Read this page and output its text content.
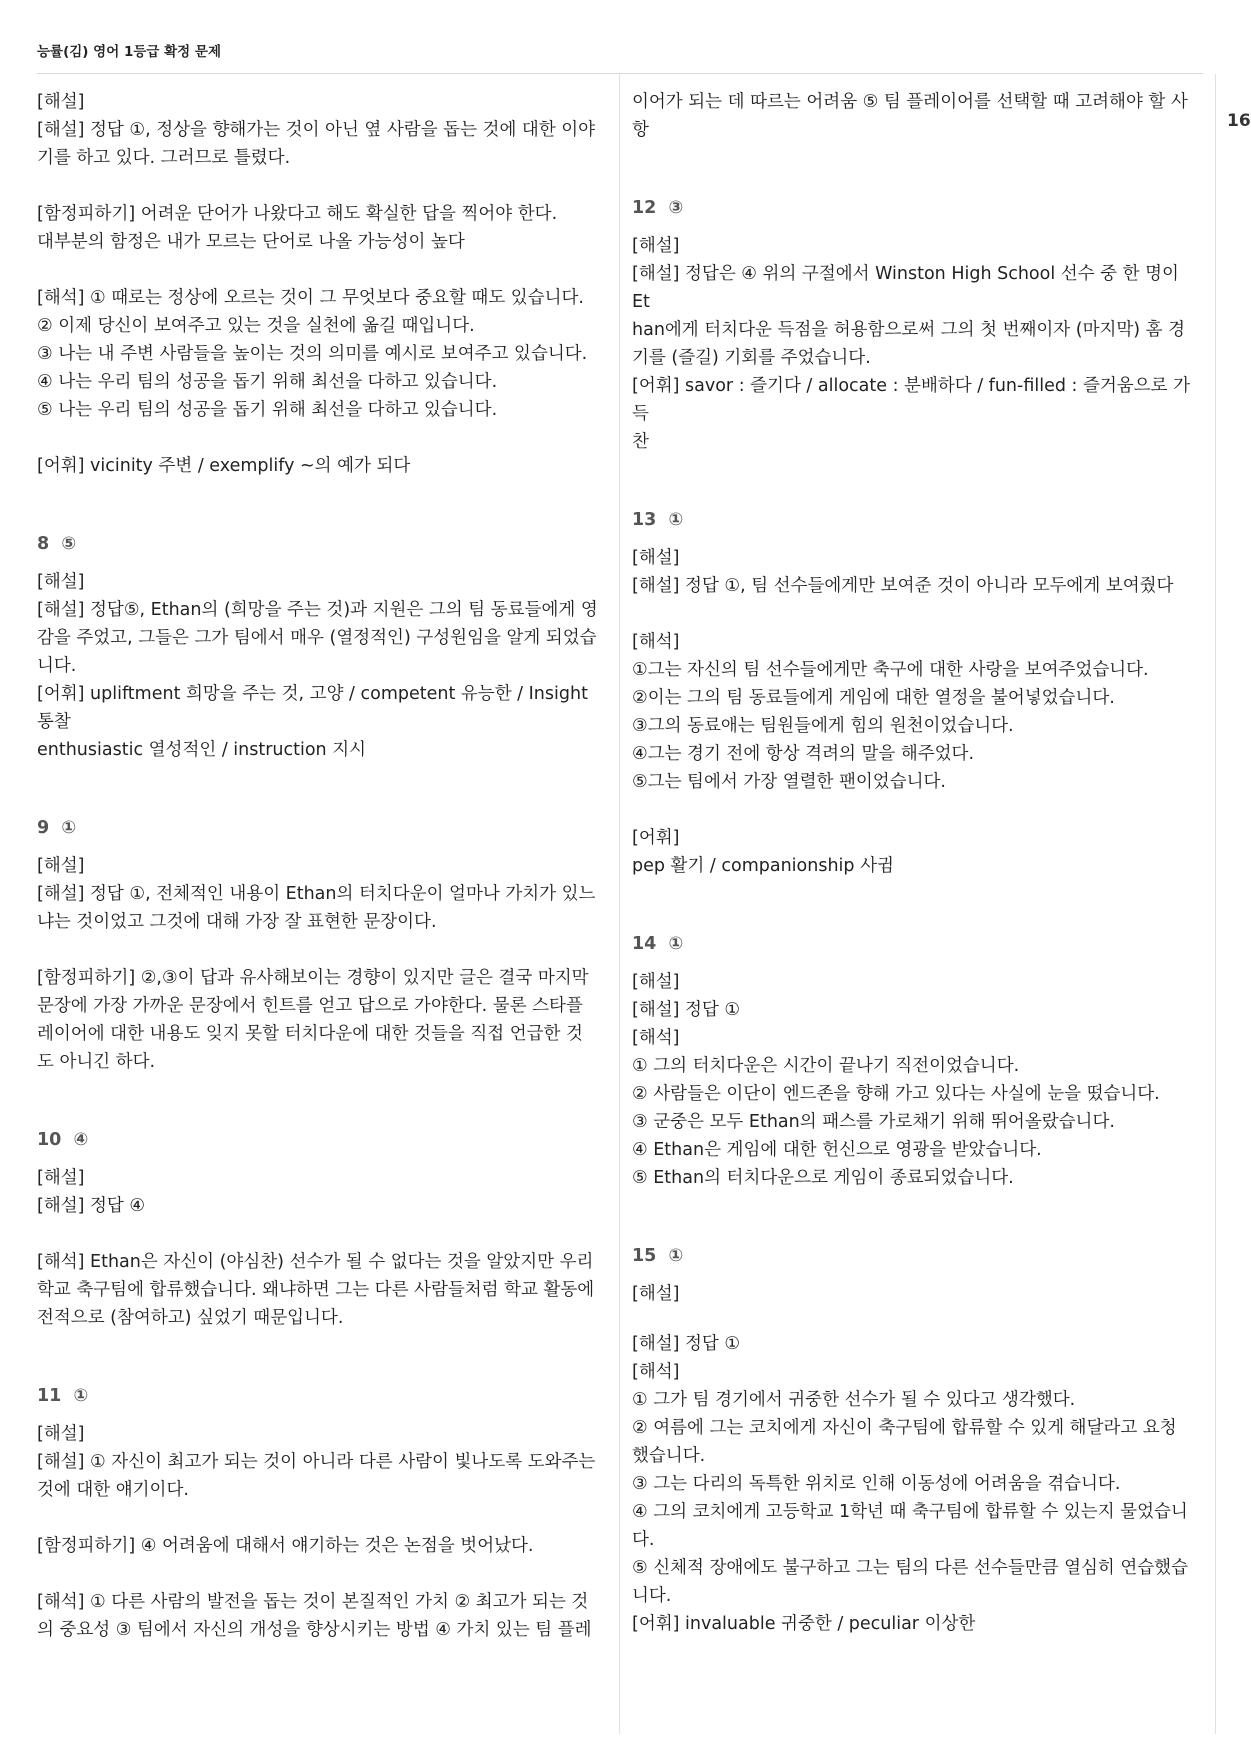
능률(김) 영어 1등급 확정 문제
16
[해설]
[해설] 정답 ①, 정상을 향해가는 것이 아닌 옆 사람을 돕는 것에 대한 이야
기를 하고 있다. 그러므로 틀렸다.
[함정피하기] 어려운 단어가 나왔다고 해도 확실한 답을 찍어야 한다.
대부분의 함정은 내가 모르는 단어로 나올 가능성이 높다
[해석] ① 때로는 정상에 오르는 것이 그 무엇보다 중요할 때도 있습니다.
② 이제 당신이 보여주고 있는 것을 실천에 옮길 때입니다.
③ 나는 내 주변 사람들을 높이는 것의 의미를 예시로 보여주고 있습니다.
④ 나는 우리 팀의 성공을 돕기 위해 최선을 다하고 있습니다.
⑤ 나는 우리 팀의 성공을 돕기 위해 최선을 다하고 있습니다.
[어휘] vicinity 주변 / exemplify ~의 예가 되다
8  ⑤
[해설]
[해설] 정답⑤, Ethan의 (희망을 주는 것)과 지원은 그의 팀 동료들에게 영
감을 주었고, 그들은 그가 팀에서 매우 (열정적인) 구성원임을 알게 되었습
니다.
[어휘] upliftment 희망을 주는 것, 고양 / competent 유능한 / Insight 통찰
enthusiastic 열성적인 / instruction 지시
9  ①
[해설]
[해설] 정답 ①, 전체적인 내용이 Ethan의 터치다운이 얼마나 가치가 있느
냐는 것이었고 그것에 대해 가장 잘 표현한 문장이다.
[함정피하기] ②,③이 답과 유사해보이는 경향이 있지만 글은 결국 마지막
문장에 가장 가까운 문장에서 힌트를 얻고 답으로 가야한다. 물론 스타플
레이어에 대한 내용도 잊지 못할 터치다운에 대한 것들을 직접 언급한 것
도 아니긴 하다.
10  ④
[해설]
[해설] 정답 ④
[해석] Ethan은 자신이 (야심찬) 선수가 될 수 없다는 것을 알았지만 우리
학교 축구팀에 합류했습니다. 왜냐하면 그는 다른 사람들처럼 학교 활동에
전적으로 (참여하고) 싶었기 때문입니다.
11  ①
[해설]
[해설] ① 자신이 최고가 되는 것이 아니라 다른 사람이 빛나도록 도와주는
것에 대한 얘기이다.
[함정피하기] ④ 어려움에 대해서 얘기하는 것은 논점을 벗어났다.
[해석] ① 다른 사람의 발전을 돕는 것이 본질적인 가치 ② 최고가 되는 것
의 중요성 ③ 팀에서 자신의 개성을 향상시키는 방법 ④ 가치 있는 팀 플레
이어가 되는 데 따르는 어려움 ⑤ 팀 플레이어를 선택할 때 고려해야 할 사
항
12  ③
[해설]
[해설] 정답은 ④ 위의 구절에서 Winston High School 선수 중 한 명이 Et
han에게 터치다운 득점을 허용함으로써 그의 첫 번째이자 (마지막) 홈 경
기를 (즐길) 기회를 주었습니다.
[어휘] savor : 즐기다 / allocate : 분배하다 / fun-filled : 즐거움으로 가득
찬
13  ①
[해설]
[해설] 정답 ①, 팀 선수들에게만 보여준 것이 아니라 모두에게 보여줬다
[해석]
①그는 자신의 팀 선수들에게만 축구에 대한 사랑을 보여주었습니다.
②이는 그의 팀 동료들에게 게임에 대한 열정을 불어넣었습니다.
③그의 동료애는 팀원들에게 힘의 원천이었습니다.
④그는 경기 전에 항상 격려의 말을 해주었다.
⑤그는 팀에서 가장 열렬한 팬이었습니다.
[어휘]
pep 활기 / companionship 사귐
14  ①
[해설]
[해설] 정답 ①
[해석]
① 그의 터치다운은 시간이 끝나기 직전이었습니다.
② 사람들은 이단이 엔드존을 향해 가고 있다는 사실에 눈을 떴습니다.
③ 군중은 모두 Ethan의 패스를 가로채기 위해 뛰어올랐습니다.
④ Ethan은 게임에 대한 헌신으로 영광을 받았습니다.
⑤ Ethan의 터치다운으로 게임이 종료되었습니다.
15  ①
[해설]
[해설] 정답 ①
[해석]
① 그가 팀 경기에서 귀중한 선수가 될 수 있다고 생각했다.
② 여름에 그는 코치에게 자신이 축구팀에 합류할 수 있게 해달라고 요청
했습니다.
③ 그는 다리의 독특한 위치로 인해 이동성에 어려움을 겪습니다.
④ 그의 코치에게 고등학교 1학년 때 축구팀에 합류할 수 있는지 물었습니
다.
⑤ 신체적 장애에도 불구하고 그는 팀의 다른 선수들만큼 열심히 연습했습
니다.
[어휘] invaluable 귀중한 / peculiar 이상한
